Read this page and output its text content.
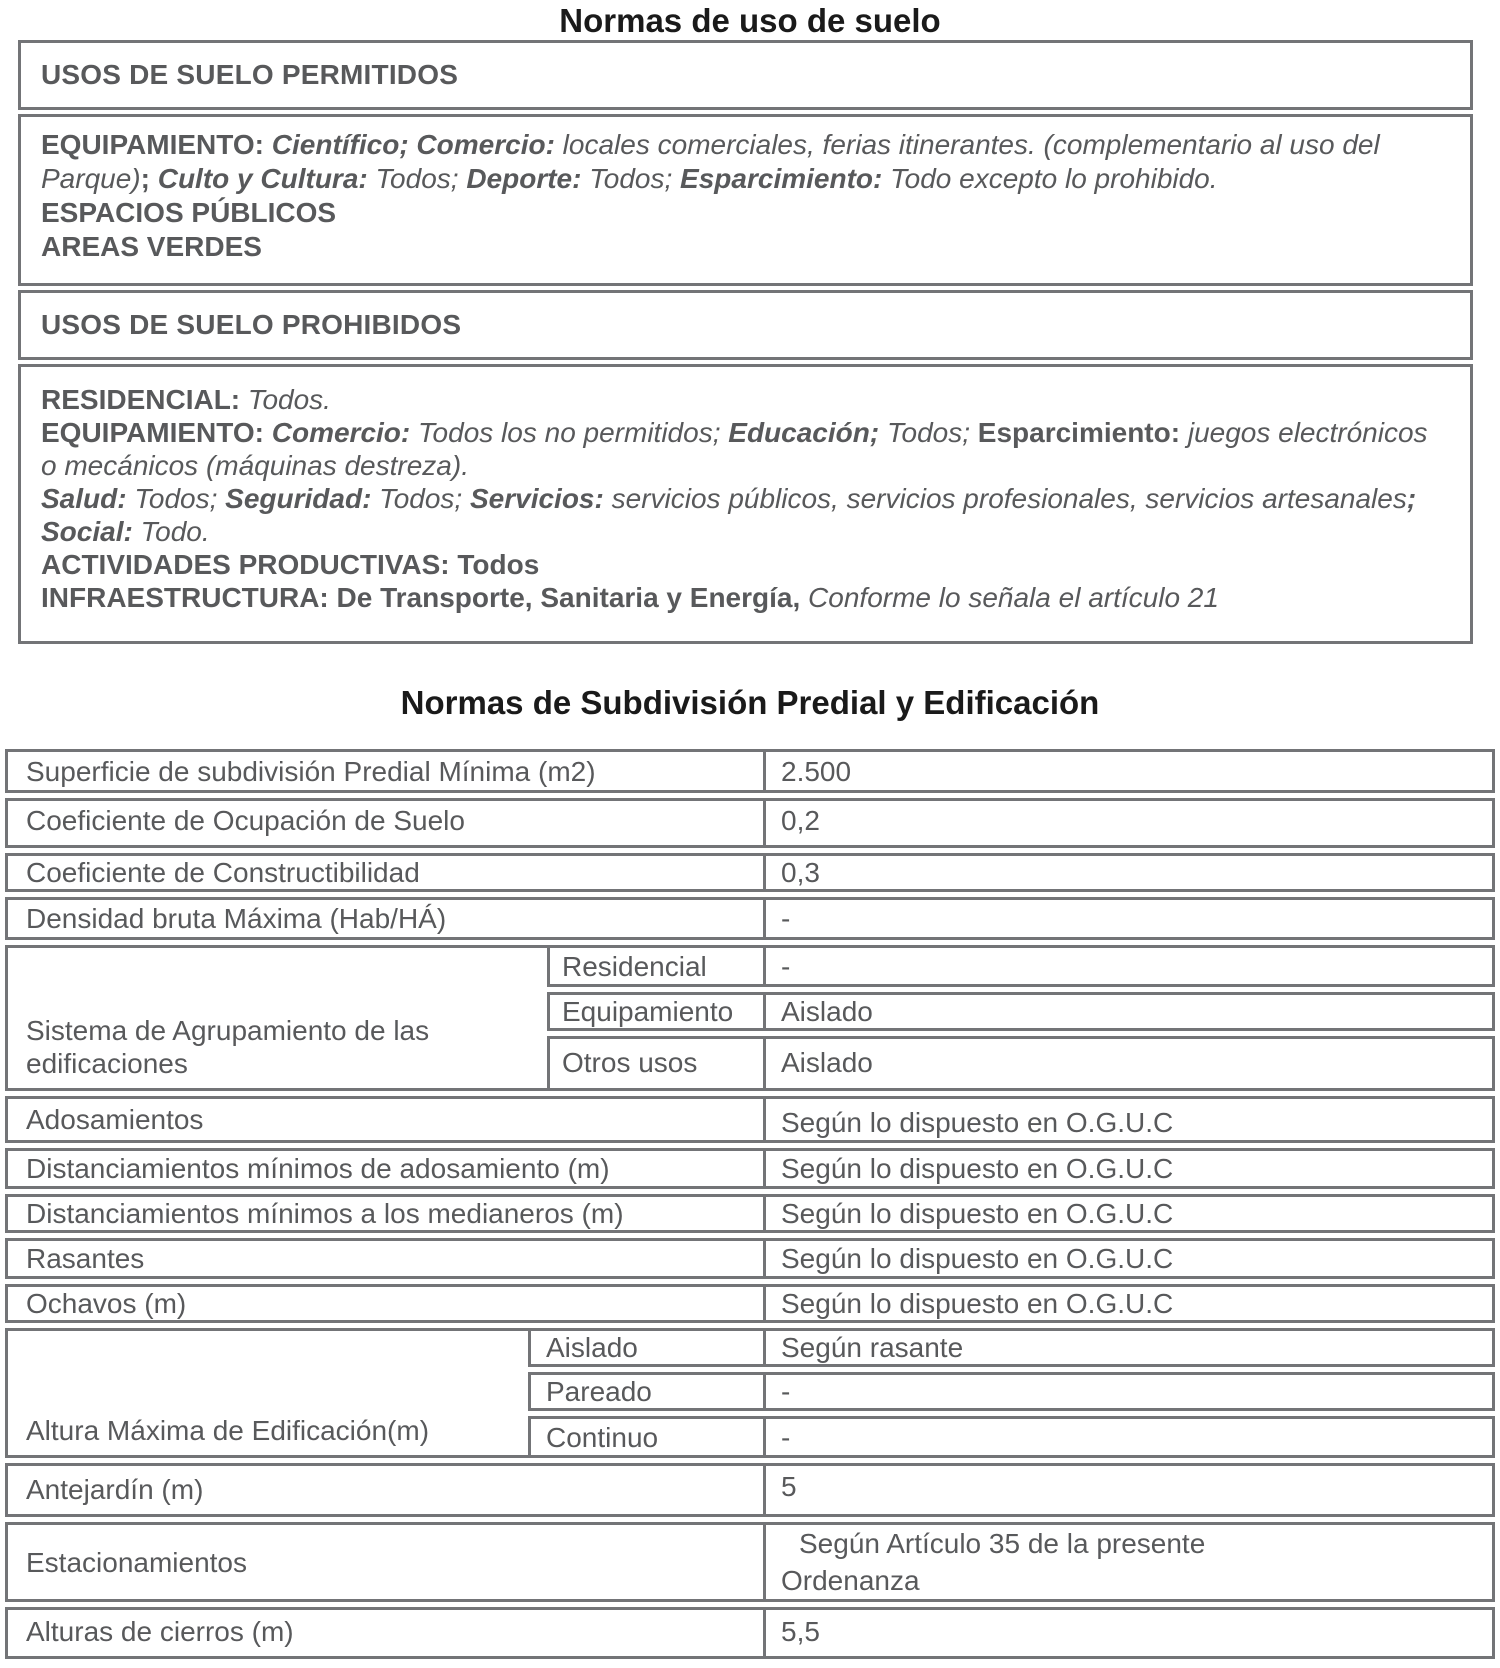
Normas de uso de suelo
USOS DE SUELO PERMITIDOS

EQUIPAMIENTO: Científico; Comercio: locales comerciales, ferias itinerantes. (complementario al uso del Parque); Culto y Cultura: Todos; Deporte: Todos; Esparcimiento: Todo excepto lo prohibido.
ESPACIOS PÚBLICOS
AREAS VERDES

USOS DE SUELO PROHIBIDOS

RESIDENCIAL: Todos.
EQUIPAMIENTO: Comercio: Todos los no permitidos; Educación; Todos; Esparcimiento: juegos electrónicos o mecánicos (máquinas destreza).
Salud: Todos; Seguridad: Todos; Servicios: servicios públicos, servicios profesionales, servicios artesanales; Social: Todo.
ACTIVIDADES PRODUCTIVAS: Todos
INFRAESTRUCTURA: De Transporte, Sanitaria y Energía, Conforme lo señala el artículo 21
Normas de Subdivisión Predial y Edificación
Superficie de subdivisión Predial Mínima (m2)			2.500
Coeficiente de Ocupación de Suelo			0,2
Coeficiente de Constructibilidad			0,3
Densidad bruta Máxima (Hab/HÁ)			-
Sistema de Agrupamiento de las edificaciones		Residencial	-
		Equipamiento	Aislado
		Otros usos	Aislado
Adosamientos			Según lo dispuesto en O.G.U.C
Distanciamientos mínimos de adosamiento (m)			Según lo dispuesto en O.G.U.C
Distanciamientos mínimos a los medianeros (m)			Según lo dispuesto en O.G.U.C
Rasantes			Según lo dispuesto en O.G.U.C
Ochavos (m)			Según lo dispuesto en O.G.U.C
Altura Máxima de Edificación(m)	Aislado		Según rasante
	Pareado		-
	Continuo		-
Antejardín (m)			5
Estacionamientos			Según Artículo 35 de la presente
Ordenanza

Alturas de cierros (m)			5,5
